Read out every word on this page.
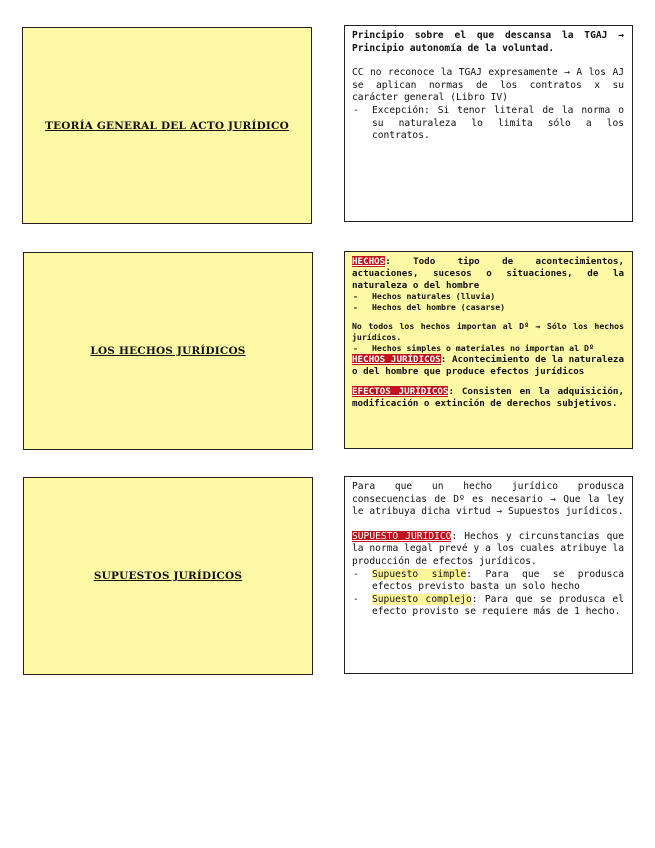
TEORÍA GENERAL DEL ACTO JURÍDICO

Principio sobre el que descansa la TGAJ → Principio autonomía de la voluntad.

CC no reconoce la TGAJ expresamente → A los AJ se aplican normas de los contratos x su carácter general (Libro IV)

- Excepción: Si tenor literal de la norma o su naturaleza lo limita sólo a los contratos.
LOS HECHOS JURÍDICOS

HECHOS: Todo tipo de acontecimientos, actuaciones, sucesos o situaciones, de la naturaleza o del hombre

- Hechos naturales (lluvia)
- Hechos del hombre (casarse)

No todos los hechos importan al Dº → Sólo los hechos jurídicos.

- Hechos simples o materiales no importan al Dº

HECHOS JURÍDICOS: Acontecimiento de la naturaleza o del hombre que produce efectos jurídicos

EFECTOS JURÍDICOS: Consisten en la adquisición, modificación o extinción de derechos subjetivos.

SUPUESTOS JURÍDICOS

Para que un hecho jurídico produsca consecuencias de Dº es necesario → Que la ley le atribuya dicha virtud → Supuestos jurídicos.

SUPUESTO JURÍDICO: Hechos y circunstancias que la norma legal prevé y a los cuales atribuye la producción de efectos jurídicos.

- Supuesto simple: Para que se produsca efectos previsto basta un solo hecho
- Supuesto complejo: Para que se produsca el efecto provisto se requiere más de 1 hecho.
